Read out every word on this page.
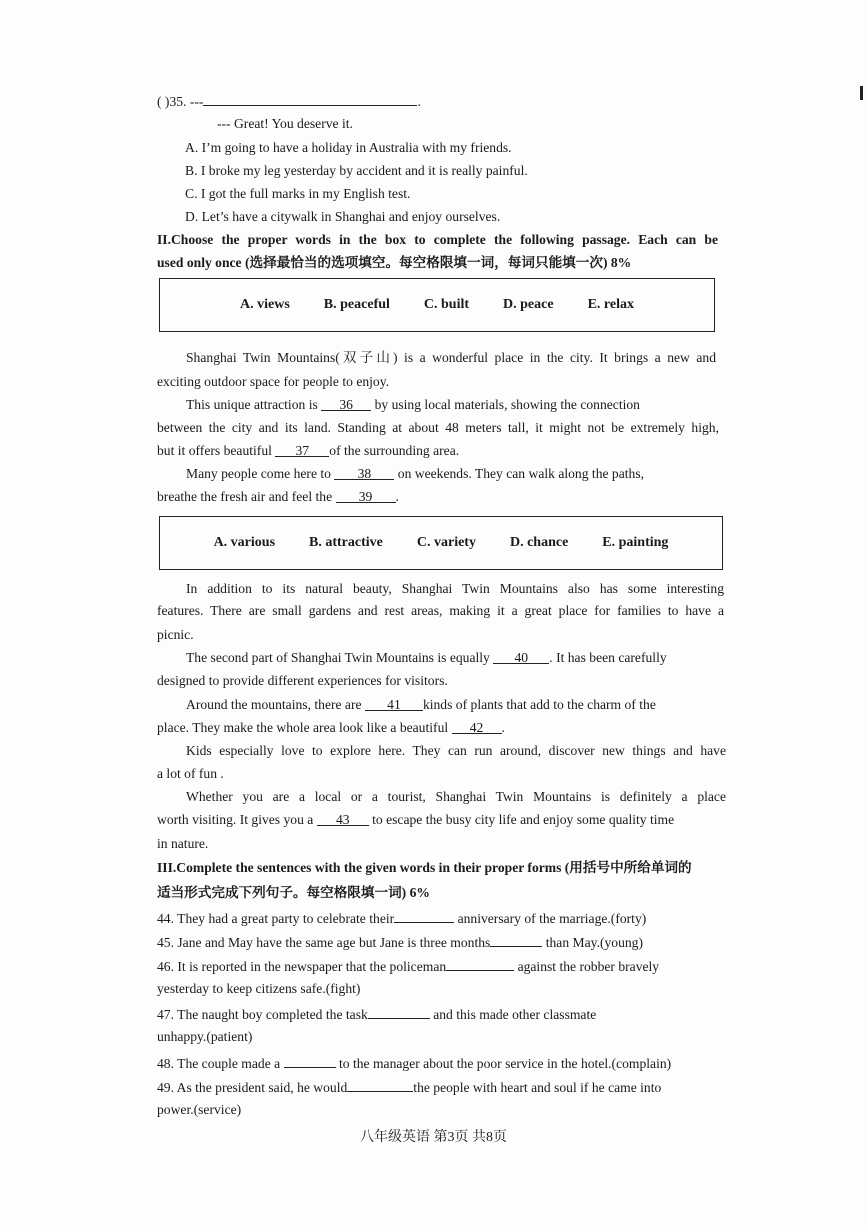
( )35. ---	.
--- Great! You deserve it.
A. I’m going to have a holiday in Australia with my friends.
B. I broke my leg yesterday by accident and it is really painful.
C. I got the full marks in my English test.
D. Let’s have a citywalk in Shanghai and enjoy ourselves.
II.Choose the proper words in the box to complete the following passage. Each can be
used only once (选择最恰当的选项填空。每空格限填一词，每词只能填一次) 8%
A. views B. peaceful C. built D. peace E. relax
Shanghai Twin Mountains(双子山) is a wonderful place in the city. It brings a new and
exciting outdoor space for people to enjoy.
This unique attraction is 36 by using local materials, showing the connection
between the city and its land. Standing at about 48 meters tall, it might not be extremely high,
but it offers beautiful 37 of the surrounding area.
Many people come here to 38 on weekends. They can walk along the paths,
breathe the fresh air and feel the 39 .
A. various B. attractive C. variety D. chance E. painting
In addition to its natural beauty, Shanghai Twin Mountains also has some interesting
features. There are small gardens and rest areas, making it a great place for families to have a
picnic.
The second part of Shanghai Twin Mountains is equally 40 . It has been carefully
designed to provide different experiences for visitors.
Around the mountains, there are 41 kinds of plants that add to the charm of the
place. They make the whole area look like a beautiful 42 .
Kids especially love to explore here. They can run around, discover new things and have
a lot of fun .
Whether you are a local or a tourist, Shanghai Twin Mountains is definitely a place
worth visiting. It gives you a 43 to escape the busy city life and enjoy some quality time
in nature.
III.Complete the sentences with the given words in their proper forms (用括号中所给单词的
适当形式完成下列句子。每空格限填一词) 6%
44. They had a great party to celebrate their	anniversary of the marriage.(forty)
45. Jane and May have the same age but Jane is three months	than May.(young)
46. It is reported in the newspaper that the policeman	against the robber bravely
yesterday to keep citizens safe.(fight)
47. The naught boy completed the task	and this made other classmate
unhappy.(patient)
48. The couple made a	to the manager about the poor service in the hotel.(complain)
49. As the president said, he would	the people with heart and soul if he came into
power.(service)
八年级英语 第3页 共8页
